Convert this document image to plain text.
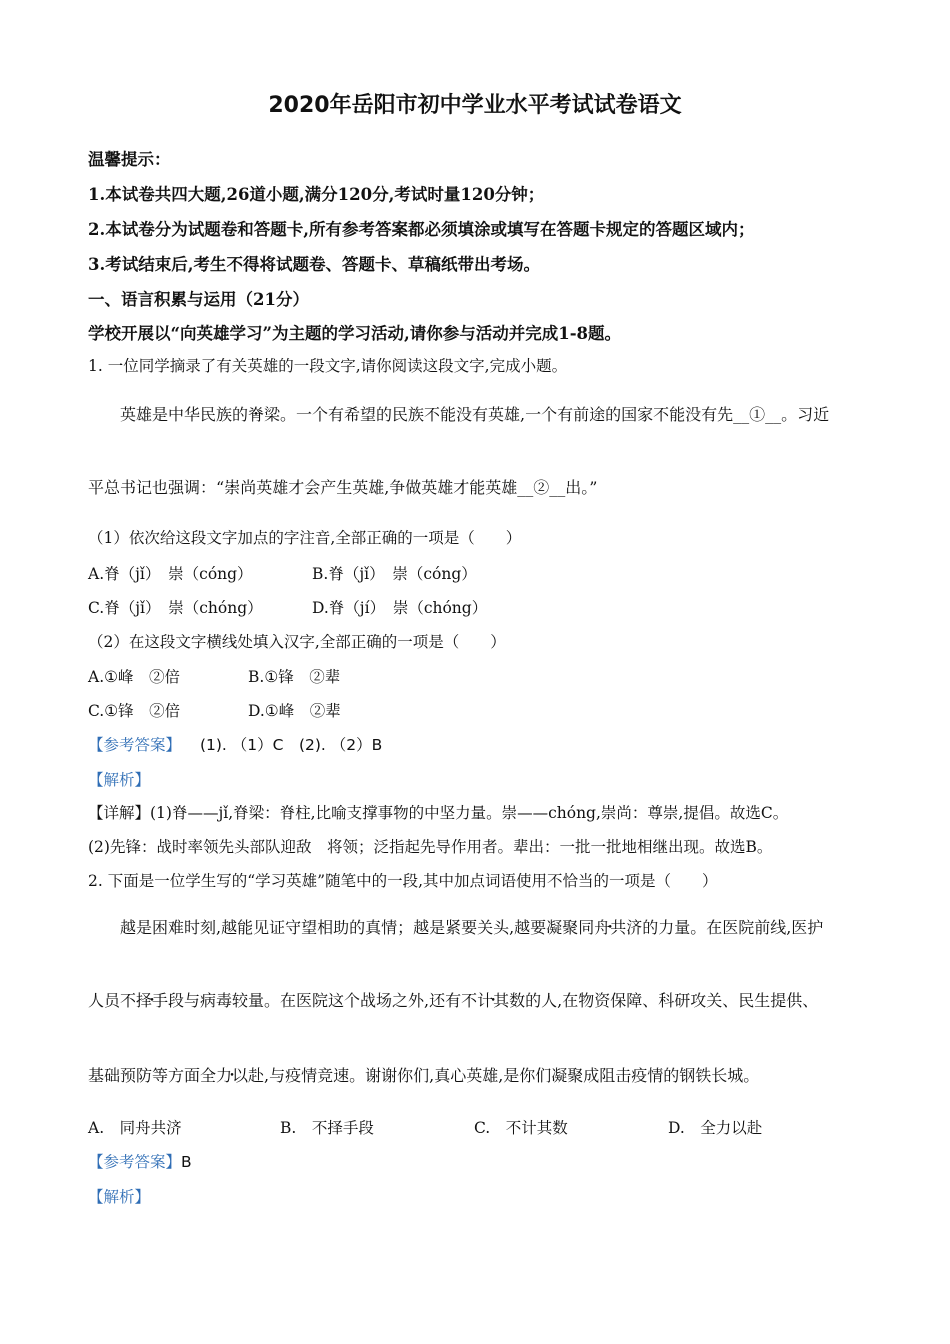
2020年岳阳市初中学业水平考试试卷语文
温馨提示：
1.本试卷共四大题,26道小题,满分120分,考试时量120分钟；
2.本试卷分为试题卷和答题卡,所有参考答案都必须填涂或填写在答题卡规定的答题区域内；
3.考试结束后,考生不得将试题卷、答题卡、草稿纸带出考场。
一、语言积累与运用（21分）
学校开展以“向英雄学习”为主题的学习活动,请你参与活动并完成1-8题。
1. 一位同学摘录了有关英雄的一段文字,请你阅读这段文字,完成小题。
英雄是中华民族的脊 •梁。一个有希望的民族不能没有英雄,一个有前途的国家不能没有先__①__。习近
平总书记也强调：“崇 •尚英雄才会产生英雄,争做英雄才能英雄__②__出。”
（1）依次给这段文字加点的字注音,全部正确的一项是（　　）
A.脊（jǐ）　崇（cóng）	B.脊（jǐ）　崇（cóng）
C.脊（jǐ）　崇（chóng）	D.脊（jí）　崇（chóng）
（2）在这段文字横线处填入汉字,全部正确的一项是（　　）
A.①峰　②倍	B.①锋　②辈
C.①锋　②倍	D.①峰　②辈
【参考答案】 (1). （1）C　(2). （2）B
【解析】
【详解】(1)脊——jǐ,脊梁：脊柱,比喻支撑事物的中坚力量。崇——chóng,崇尚：尊崇,提倡。故选C。
(2)先锋：战时率领先头部队迎敌　将领；泛指起先导作用者。辈出：一批一批地相继出现。故选B。
2. 下面是一位学生写的“学习英雄”随笔中的一段,其中加点词语使用不恰当的一项是（　　）
越是困难时刻,越能见证守望相助的真情；越是紧要关头,越要凝聚同舟共济 •的力量。在医院前线,医护
人员不择手段 •与病毒较量。在医院这个战场之外,还有不计其数 •的人,在物资保障、科研攻关、民生提供、
基础预防等方面全力以赴 •,与疫情竞速。谢谢你们,真心英雄,是你们凝聚成阻击疫情的钢铁长城。
A.　同舟共济	B.　不择手段	C.　不计其数	D.　全力以赴
【参考答案】B
【解析】
